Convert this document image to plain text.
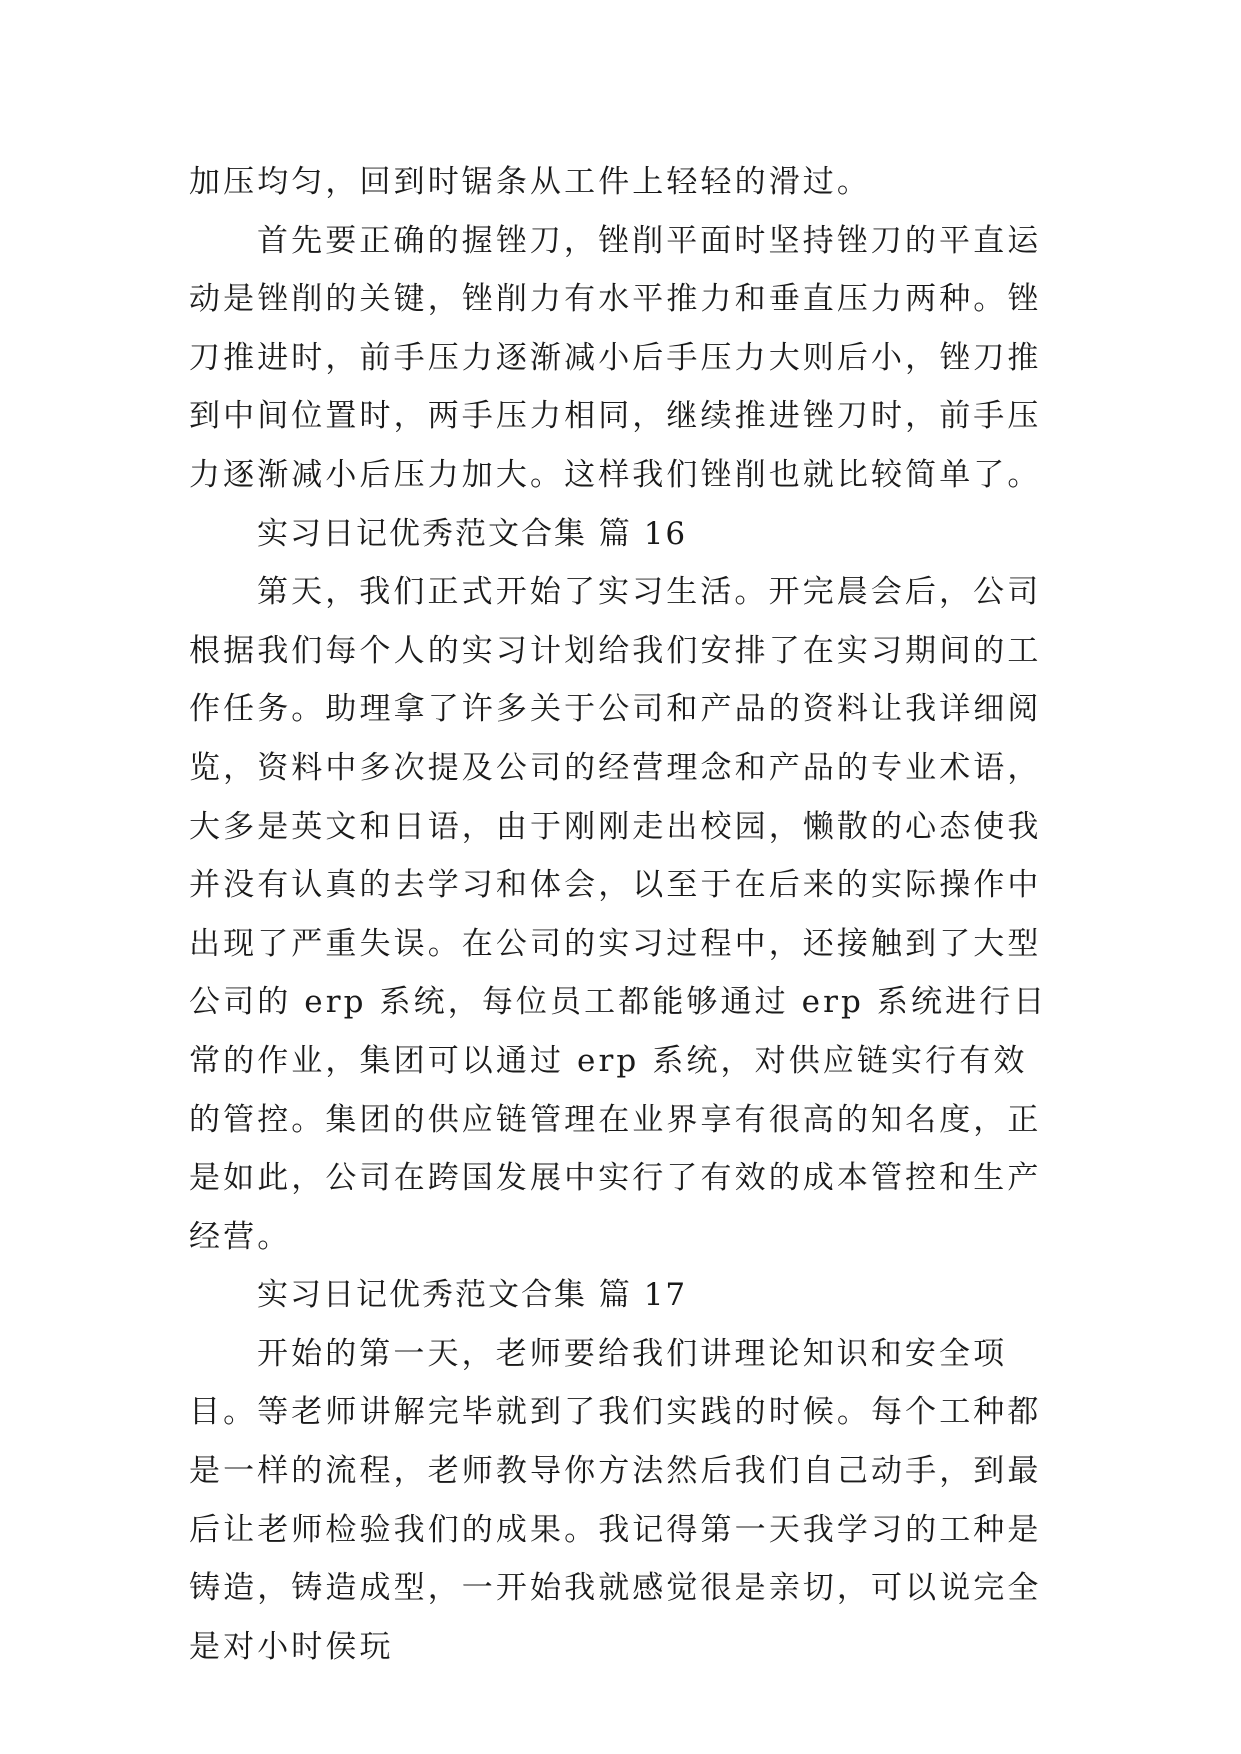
加压均匀，回到时锯条从工件上轻轻的滑过。

首先要正确的握锉刀，锉削平面时坚持锉刀的平直运动是锉削的关键，锉削力有水平推力和垂直压力两种。锉刀推进时，前手压力逐渐减小后手压力大则后小，锉刀推到中间位置时，两手压力相同，继续推进锉刀时，前手压力逐渐减小后压力加大。这样我们锉削也就比较简单了。

实习日记优秀范文合集 篇 16

第天，我们正式开始了实习生活。开完晨会后，公司根据我们每个人的实习计划给我们安排了在实习期间的工作任务。助理拿了许多关于公司和产品的资料让我详细阅览，资料中多次提及公司的经营理念和产品的专业术语，大多是英文和日语，由于刚刚走出校园，懒散的心态使我并没有认真的去学习和体会，以至于在后来的实际操作中出现了严重失误。在公司的实习过程中，还接触到了大型公司的 erp 系统，每位员工都能够通过 erp 系统进行日常的作业，集团可以通过 erp 系统，对供应链实行有效的管控。集团的供应链管理在业界享有很高的知名度，正是如此，公司在跨国发展中实行了有效的成本管控和生产经营。

实习日记优秀范文合集 篇 17

开始的第一天，老师要给我们讲理论知识和安全项目。等老师讲解完毕就到了我们实践的时候。每个工种都是一样的流程，老师教导你方法然后我们自己动手，到最后让老师检验我们的成果。我记得第一天我学习的工种是铸造，铸造成型，一开始我就感觉很是亲切，可以说完全是对小时侯玩
